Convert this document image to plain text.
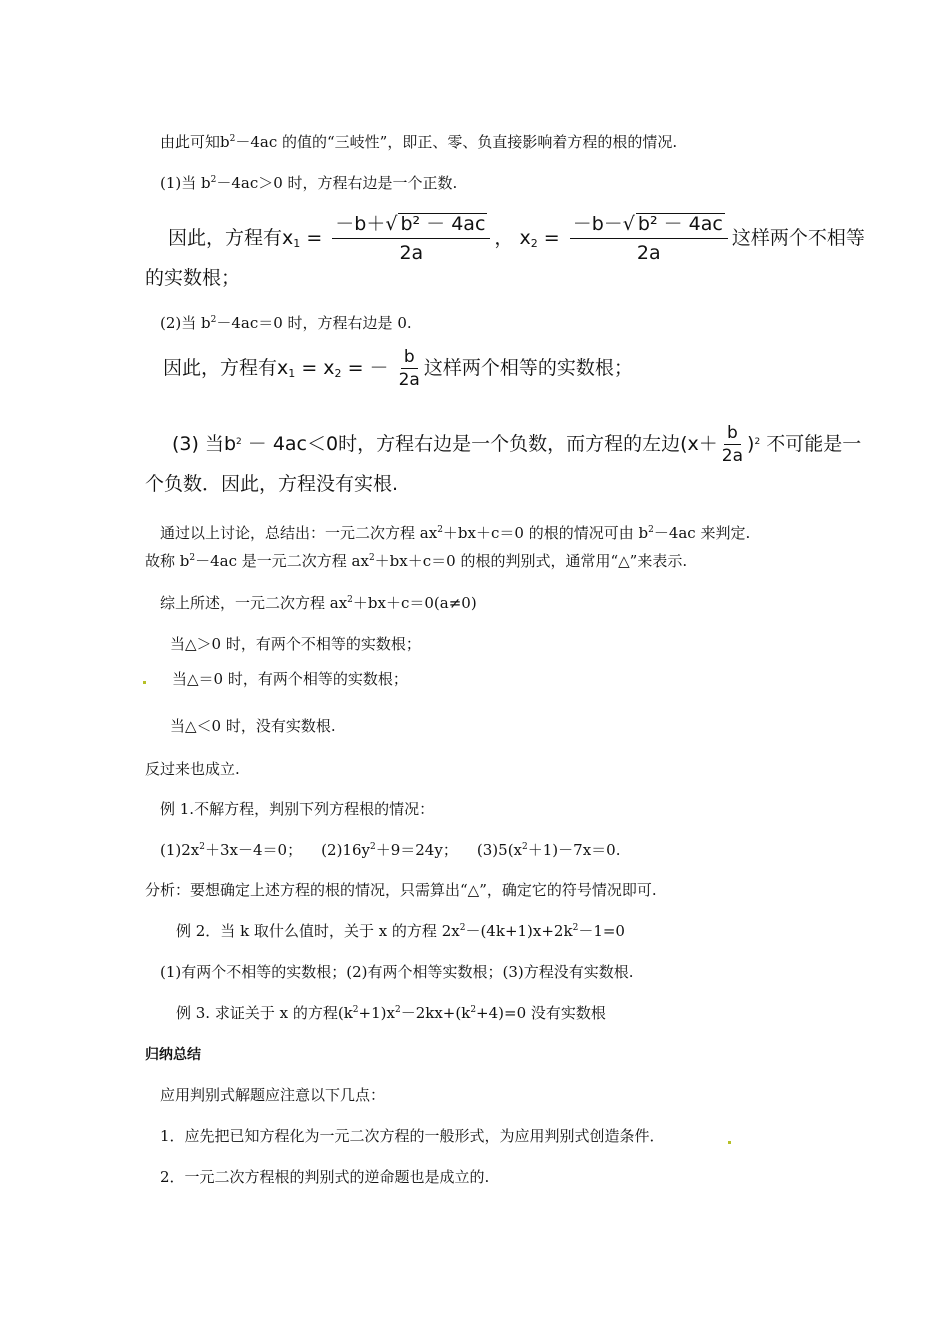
由此可知$b^2-4ac$ 的值的“三岐性”，即正、零、负直接影响着方程的根的情况.
(1)当 $b^2-4ac>0$ 时，方程右边是一个正数.
因此，方程有$x_1 = \frac{\text{－b＋√ b² － 4ac}}{2a}$ ， $x_2 = \frac{\text{－b－√ b² － 4ac}}{2a}$ 这样两个不相等
的实数根；
(2)当 $b^2-4ac=0$ 时，方程右边是 0.
因此，方程有$x_1 = x_2$ = － $\frac{b}{2a}$ 这样两个相等的实数根；
(3) 当$b^2 - 4ac<0$时，方程右边是一个负数，而方程的左边$(x+ \frac{b}{2a} )^2$ 不可能是一
个负数．因此，方程没有实根.
通过以上讨论，总结出：一元二次方程 $ax^2+bx+c=0$ 的根的情况可由 $b^2-4ac$ 来判定.
故称 $b^2-4ac$ 是一元二次方程 $ax^2+bx+c=0$ 的根的判别式，通常用“△”来表示.
综上所述，一元二次方程 $ax^2+bx+c=0(a\ne 0)$
当△＞0 时，有两个不相等的实数根；
当△＝0 时，有两个相等的实数根；
当△＜0 时，没有实数根.
反过来也成立.
例 1.不解方程，判别下列方程根的情况：
$(1)2x^2+3x-4=0$； $(2)16y^2+9=24y$； $(3)5(x^2+1)-7x=0$.
分析：要想确定上述方程的根的情况，只需算出“△”，确定它的符号情况即可.
例 2．当 k 取什么值时，关于 x 的方程 $2x^2-(4k+1)x+2k^2-1=0$
(1)有两个不相等的实数根；(2)有两个相等实数根；(3)方程没有实数根.
例 3. 求证关于 x 的方程$(k^2+1)x^2-2kx+(k^2+4)=0$ 没有实数根
归纳总结
应用判别式解题应注意以下几点：
1．应先把已知方程化为一元二次方程的一般形式，为应用判别式创造条件．
2．一元二次方程根的判别式的逆命题也是成立的.
